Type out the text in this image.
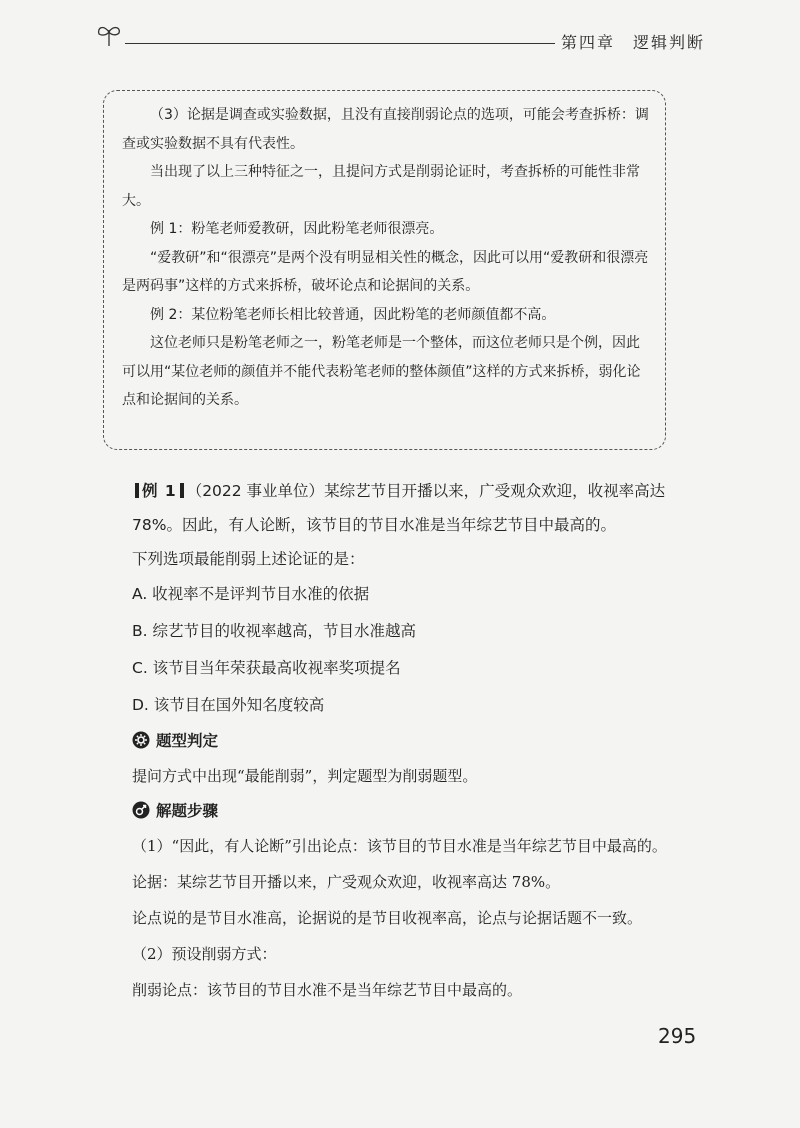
第四章 逻辑判断

（3）论据是调查或实验数据，且没有直接削弱论点的选项，可能会考查拆桥：调查或实验数据不具有代表性。

当出现了以上三种特征之一，且提问方式是削弱论证时，考查拆桥的可能性非常大。

例 1：粉笔老师爱教研，因此粉笔老师很漂亮。

“爱教研”和“很漂亮”是两个没有明显相关性的概念，因此可以用“爱教研和很漂亮是两码事”这样的方式来拆桥，破坏论点和论据间的关系。

例 2：某位粉笔老师长相比较普通，因此粉笔的老师颜值都不高。

这位老师只是粉笔老师之一，粉笔老师是一个整体，而这位老师只是个例，因此可以用“某位老师的颜值并不能代表粉笔老师的整体颜值”这样的方式来拆桥，弱化论点和论据间的关系。

例 1 （2022 事业单位）某综艺节目开播以来，广受观众欢迎，收视率高达 78%。因此，有人论断，该节目的节目水准是当年综艺节目中最高的。

下列选项最能削弱上述论证的是：

A. 收视率不是评判节目水准的依据

B. 综艺节目的收视率越高，节目水准越高

C. 该节目当年荣获最高收视率奖项提名

D. 该节目在国外知名度较高

题型判定

提问方式中出现“最能削弱”，判定题型为削弱题型。

解题步骤

（1）“因此，有人论断”引出论点：该节目的节目水准是当年综艺节目中最高的。

论据：某综艺节目开播以来，广受观众欢迎，收视率高达 78%。

论点说的是节目水准高，论据说的是节目收视率高，论点与论据话题不一致。

（2）预设削弱方式：

削弱论点：该节目的节目水准不是当年综艺节目中最高的。

295
